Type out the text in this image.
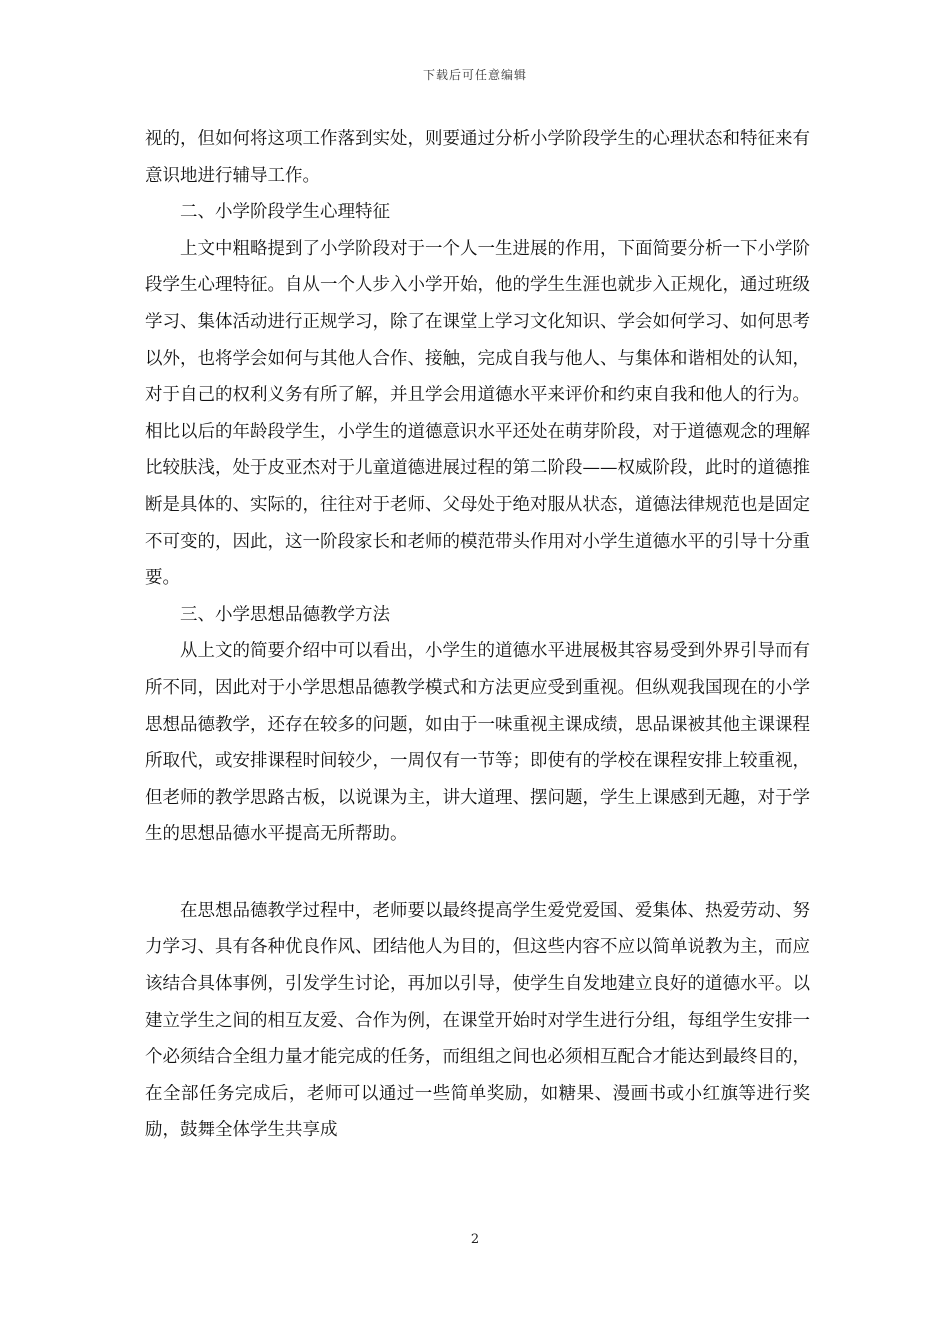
下载后可任意编辑

视的，但如何将这项工作落到实处，则要通过分析小学阶段学生的心理状态和特征来有意识地进行辅导工作。

二、小学阶段学生心理特征

上文中粗略提到了小学阶段对于一个人一生进展的作用，下面简要分析一下小学阶段学生心理特征。自从一个人步入小学开始，他的学生生涯也就步入正规化，通过班级学习、集体活动进行正规学习，除了在课堂上学习文化知识、学会如何学习、如何思考以外，也将学会如何与其他人合作、接触，完成自我与他人、与集体和谐相处的认知，对于自己的权利义务有所了解，并且学会用道德水平来评价和约束自我和他人的行为。相比以后的年龄段学生，小学生的道德意识水平还处在萌芽阶段，对于道德观念的理解比较肤浅，处于皮亚杰对于儿童道德进展过程的第二阶段——权威阶段，此时的道德推断是具体的、实际的，往往对于老师、父母处于绝对服从状态，道德法律规范也是固定不可变的，因此，这一阶段家长和老师的模范带头作用对小学生道德水平的引导十分重要。

三、小学思想品德教学方法

从上文的简要介绍中可以看出，小学生的道德水平进展极其容易受到外界引导而有所不同，因此对于小学思想品德教学模式和方法更应受到重视。但纵观我国现在的小学思想品德教学，还存在较多的问题，如由于一味重视主课成绩，思品课被其他主课课程所取代，或安排课程时间较少，一周仅有一节等；即使有的学校在课程安排上较重视，但老师的教学思路古板，以说课为主，讲大道理、摆问题，学生上课感到无趣，对于学生的思想品德水平提高无所帮助。

在思想品德教学过程中，老师要以最终提高学生爱党爱国、爱集体、热爱劳动、努力学习、具有各种优良作风、团结他人为目的，但这些内容不应以简单说教为主，而应该结合具体事例，引发学生讨论，再加以引导，使学生自发地建立良好的道德水平。以建立学生之间的相互友爱、合作为例，在课堂开始时对学生进行分组，每组学生安排一个必须结合全组力量才能完成的任务，而组组之间也必须相互配合才能达到最终目的，在全部任务完成后，老师可以通过一些简单奖励，如糖果、漫画书或小红旗等进行奖励，鼓舞全体学生共享成

2
